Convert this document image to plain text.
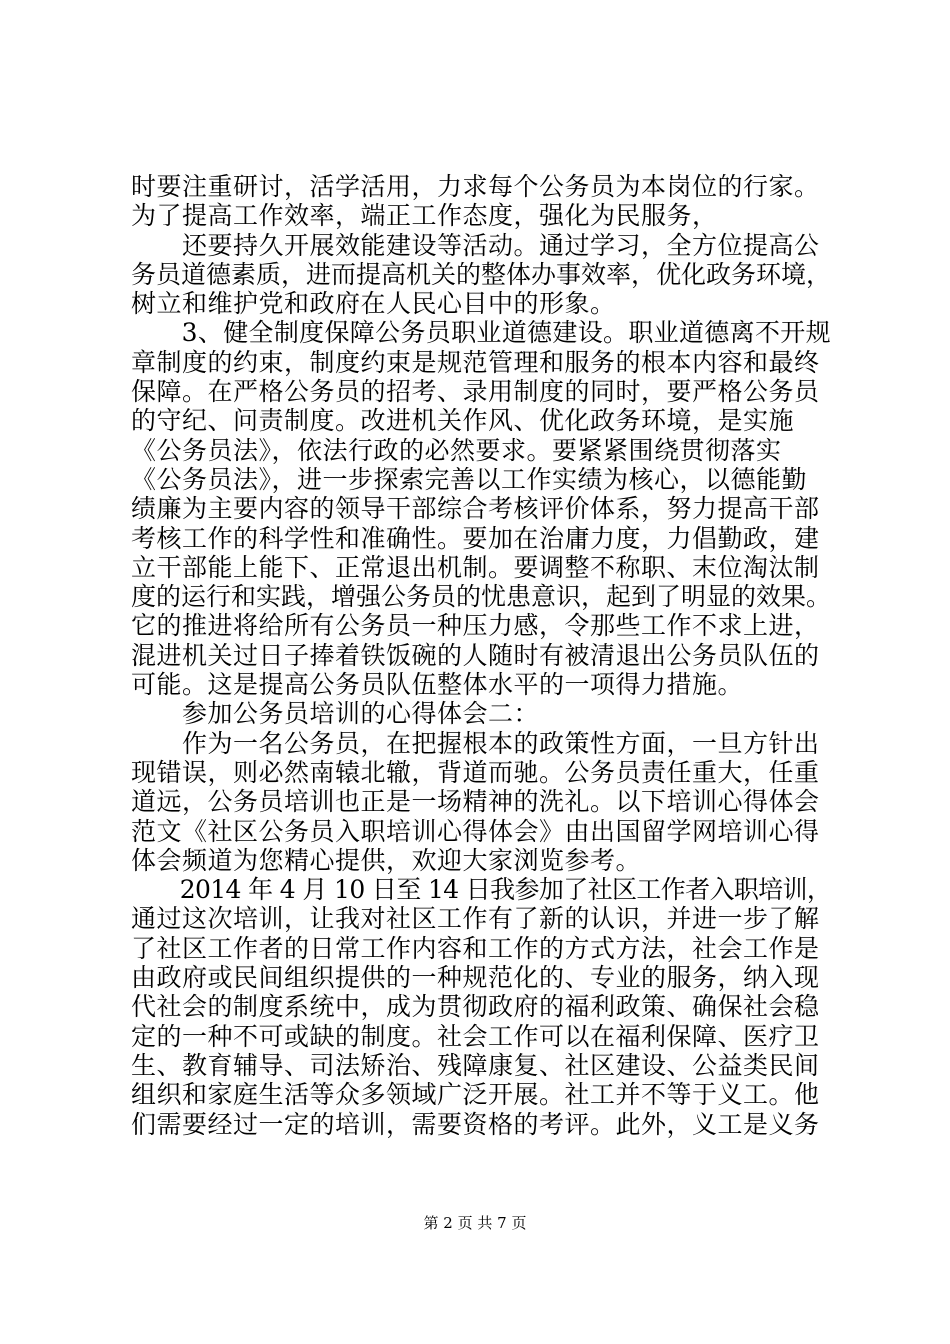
时要注重研讨，活学活用，力求每个公务员为本岗位的行家。
为了提高工作效率，端正工作态度，强化为民服务，
　　还要持久开展效能建设等活动。通过学习，全方位提高公
务员道德素质，进而提高机关的整体办事效率，优化政务环境，
树立和维护党和政府在人民心目中的形象。
　　3、健全制度保障公务员职业道德建设。职业道德离不开规
章制度的约束，制度约束是规范管理和服务的根本内容和最终
保障。在严格公务员的招考、录用制度的同时，要严格公务员
的守纪、问责制度。改进机关作风、优化政务环境，是实施
《公务员法》，依法行政的必然要求。要紧紧围绕贯彻落实
《公务员法》，进一步探索完善以工作实绩为核心，以德能勤
绩廉为主要内容的领导干部综合考核评价体系，努力提高干部
考核工作的科学性和准确性。要加在治庸力度，力倡勤政，建
立干部能上能下、正常退出机制。要调整不称职、末位淘汰制
度的运行和实践，增强公务员的忧患意识，起到了明显的效果。
它的推进将给所有公务员一种压力感，令那些工作不求上进，
混进机关过日子捧着铁饭碗的人随时有被清退出公务员队伍的
可能。这是提高公务员队伍整体水平的一项得力措施。
　　参加公务员培训的心得体会二：
　　作为一名公务员，在把握根本的政策性方面，一旦方针出
现错误，则必然南辕北辙，背道而驰。公务员责任重大，任重
道远，公务员培训也正是一场精神的洗礼。以下培训心得体会
范文《社区公务员入职培训心得体会》由出国留学网培训心得
体会频道为您精心提供，欢迎大家浏览参考。
　　2014 年 4 月 10 日至 14 日我参加了社区工作者入职培训，
通过这次培训，让我对社区工作有了新的认识，并进一步了解
了社区工作者的日常工作内容和工作的方式方法，社会工作是
由政府或民间组织提供的一种规范化的、专业的服务，纳入现
代社会的制度系统中，成为贯彻政府的福利政策、确保社会稳
定的一种不可或缺的制度。社会工作可以在福利保障、医疗卫
生、教育辅导、司法矫治、残障康复、社区建设、公益类民间
组织和家庭生活等众多领域广泛开展。社工并不等于义工。他
们需要经过一定的培训，需要资格的考评。此外，义工是义务
第 2 页 共 7 页
